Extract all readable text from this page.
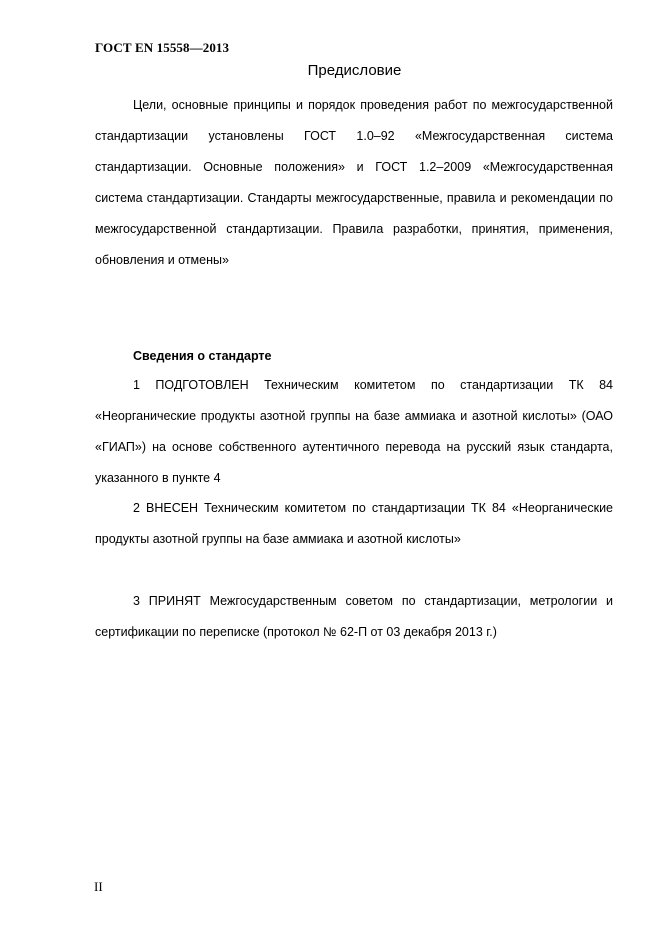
ГОСТ EN 15558—2013
Предисловие

Цели, основные принципы и порядок проведения работ по межгосударственной стандартизации установлены ГОСТ 1.0–92 «Межгосударственная система стандартизации. Основные положения» и ГОСТ 1.2–2009 «Межгосударственная система стандартизации. Стандарты межгосударственные, правила и рекомендации по межгосударственной стандартизации. Правила разработки, принятия, применения, обновления и отмены»

Сведения о стандарте

1 ПОДГОТОВЛЕН Техническим комитетом по стандартизации ТК 84 «Неорганические продукты азотной группы на базе аммиака и азотной кислоты» (ОАО «ГИАП») на основе собственного аутентичного перевода на русский язык стандарта, указанного в пункте 4

2 ВНЕСЕН Техническим комитетом по стандартизации ТК 84 «Неорганические продукты азотной группы на базе аммиака и азотной кислоты»

3 ПРИНЯТ Межгосударственным советом по стандартизации, метрологии и сертификации по переписке (протокол № 62-П от 03 декабря 2013 г.)

II
